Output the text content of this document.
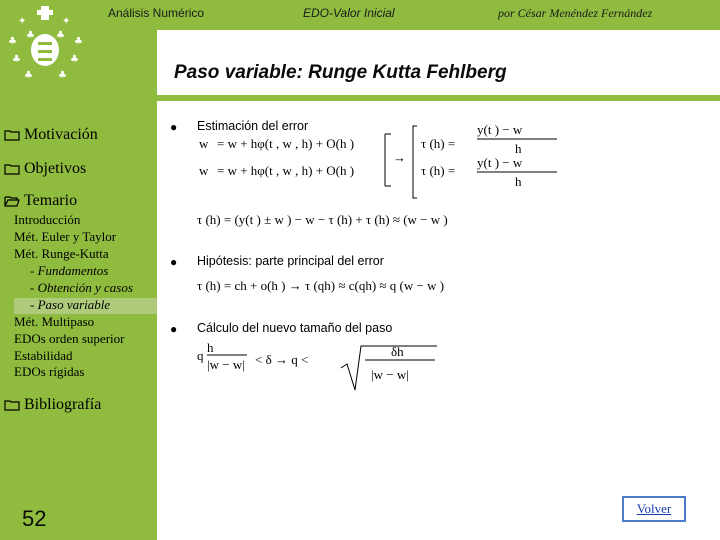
✦	✦
♣	♣
♣	♣
♣	♣
♣ ♣
Análisis Numérico	EDO-Valor Inicial	por César Menéndez Fernández
Paso variable: Runge Kutta Fehlberg
Motivación
Objetivos
Temario
Introducción
Mét. Euler y Taylor
Mét. Runge-Kutta
- Fundamentos
- Obtención y casos
- Paso variable
Mét. Multipaso
EDOs orden superior
Estabilidad
EDOs rígidas
Bibliografía
52
● Estimación del error
w = w + hφ(t , w , h) + O(h )
w = w + hφ(t , w , h) + O(h )
→
τ (h) =
τ (h) =
y(t ) − w
h
y(t ) − w
h
τ (h) = (y(t ) ± w ) − w − τ (h) + τ (h) ≈ (w − w )
● Hipótesis: parte principal del error
τ (h) = ch + o(h ) → τ (qh) ≈ c(qh) ≈ q (w − w )
● Cálculo del nuevo tamaño del paso
q
h
|w − w| < δ → q <
δh
|w − w|
Volver
